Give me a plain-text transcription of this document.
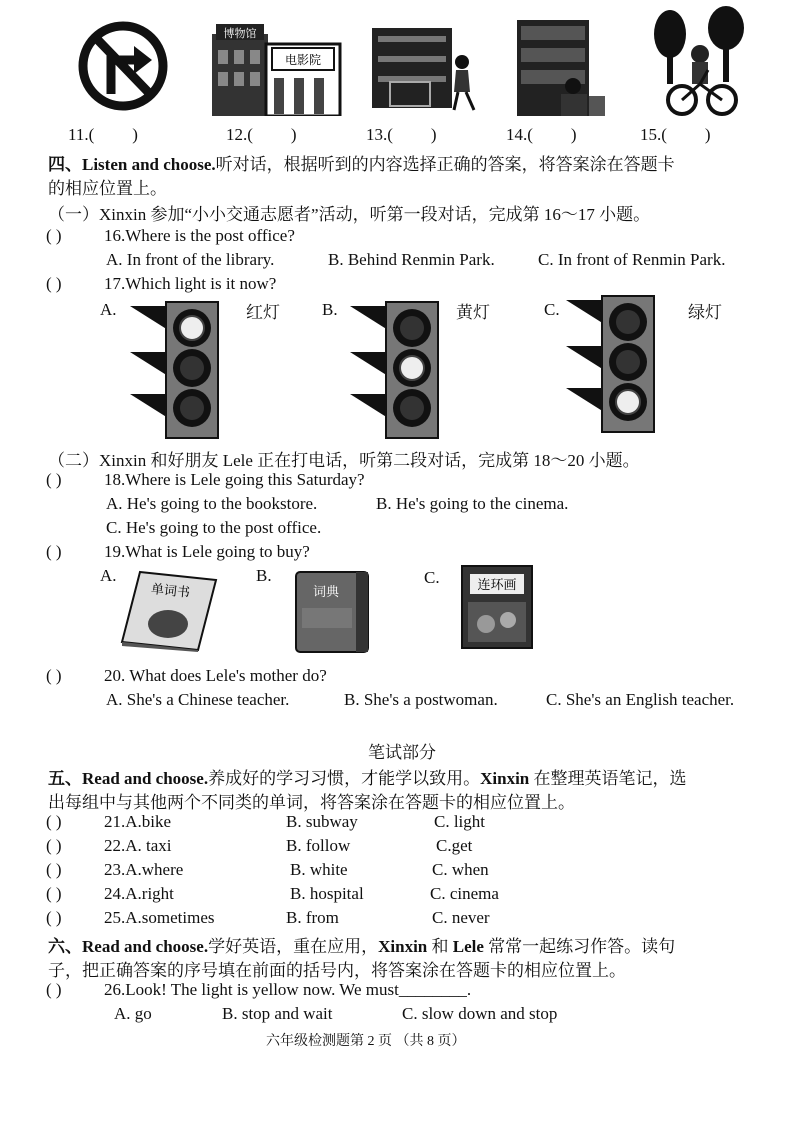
博物馆
电影院
11.( )	12.( )	13.( )	14.( )	15.( )
四、Listen and choose.听对话，根据听到的内容选择正确的答案，将答案涂在答题卡
的相应位置上。
（一）Xinxin 参加“小小交通志愿者”活动，听第一段对话，完成第 16～17 小题。
( ) 16.Where is the post office?
A. In front of the library.	B. Behind Renmin Park.	C. In front of Renmin Park.
( ) 17.Which light is it now?
A.	红灯 B.	黄灯	C.	绿灯
（二）Xinxin 和好朋友 Lele 正在打电话，听第二段对话，完成第 18～20 小题。
( ) 18.Where is Lele going this Saturday?
A. He's going to the bookstore.	B. He's going to the cinema.
C. He's going to the post office.
( ) 19.What is Lele going to buy?
A.
单词书
B.
词典
C.	连环画
( ) 20. What does Lele's mother do?
A. She's a Chinese teacher.	B. She's a postwoman.	C. She's an English teacher.
笔试部分
五、Read and choose.养成好的学习习惯，才能学以致用。Xinxin 在整理英语笔记，选
出每组中与其他两个不同类的单词，将答案涂在答题卡的相应位置上。
( ) 21.A.bike	B. subway	C. light
( ) 22.A. taxi	B. follow	C.get
( ) 23.A.where	B. white	C. when
( ) 24.A.right	B. hospital	C. cinema
( ) 25.A.sometimes	B. from	C. never
六、Read and choose.学好英语，重在应用，Xinxin 和 Lele 常常一起练习作答。读句
子，把正确答案的序号填在前面的括号内，将答案涂在答题卡的相应位置上。
( ) 26.Look! The light is yellow now. We must________.
A. go	B. stop and wait	C. slow down and stop
六年级检测题第 2 页 （共 8 页）
